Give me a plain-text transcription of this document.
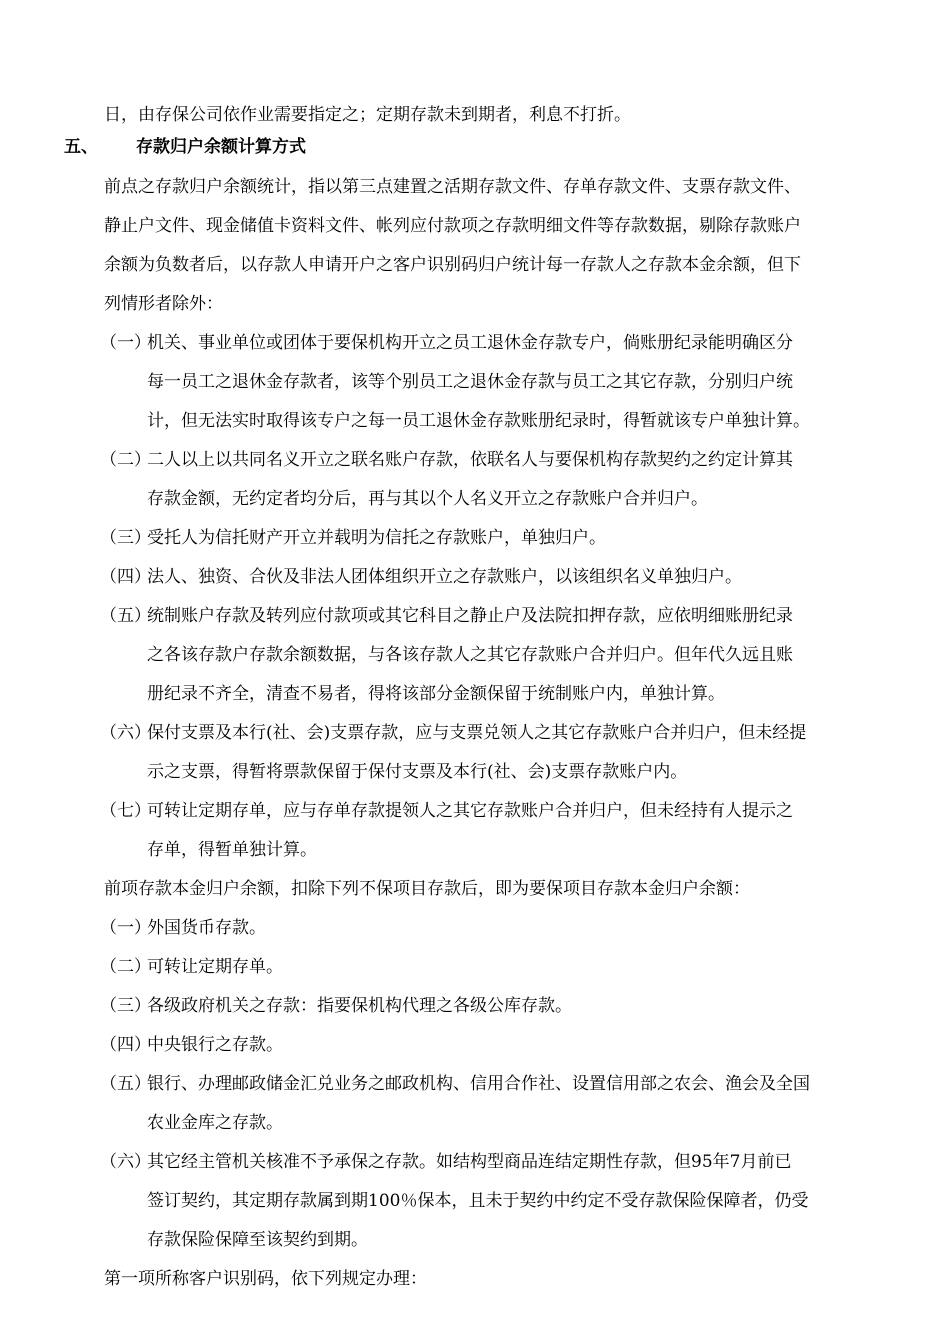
日，由存保公司依作业需要指定之；定期存款未到期者，利息不打折。
五、 存款归户余额计算方式
前点之存款归户余额统计，指以第三点建置之活期存款文件、存单存款文件、支票存款文件、
静止户文件、现金储值卡资料文件、帐列应付款项之存款明细文件等存款数据，剔除存款账户
余额为负数者后，以存款人申请开户之客户识别码归户统计每一存款人之存款本金余额，但下
列情形者除外：
（一）
机关、事业单位或团体于要保机构开立之员工退休金存款专户，倘账册纪录能明确区分
每一员工之退休金存款者，该等个别员工之退休金存款与员工之其它存款，分别归户统
计，但无法实时取得该专户之每一员工退休金存款账册纪录时，得暂就该专户单独计算。
（二）
二人以上以共同名义开立之联名账户存款，依联名人与要保机构存款契约之约定计算其
存款金额，无约定者均分后，再与其以个人名义开立之存款账户合并归户。
（三）
受托人为信托财产开立并载明为信托之存款账户，单独归户。
（四）
法人、独资、合伙及非法人团体组织开立之存款账户，以该组织名义单独归户。
（五）
统制账户存款及转列应付款项或其它科目之静止户及法院扣押存款，应依明细账册纪录
之各该存款户存款余额数据，与各该存款人之其它存款账户合并归户。但年代久远且账
册纪录不齐全，清查不易者，得将该部分金额保留于统制账户内，单独计算。
（六）
保付支票及本行(社、会)支票存款，应与支票兑领人之其它存款账户合并归户，但未经提
示之支票，得暂将票款保留于保付支票及本行(社、会)支票存款账户内。
（七）
可转让定期存单，应与存单存款提领人之其它存款账户合并归户，但未经持有人提示之
存单，得暂单独计算。
前项存款本金归户余额，扣除下列不保项目存款后，即为要保项目存款本金归户余额：
（一）
外国货币存款。
（二）
可转让定期存单。
（三）
各级政府机关之存款：指要保机构代理之各级公库存款。
（四）
中央银行之存款。
（五）
银行、办理邮政储金汇兑业务之邮政机构、信用合作社、设置信用部之农会、渔会及全国
农业金库之存款。
（六）
其它经主管机关核准不予承保之存款。如结构型商品连结定期性存款，但95年7月前已
签订契约，其定期存款属到期100％保本，且未于契约中约定不受存款保险保障者，仍受
存款保险保障至该契约到期。
第一项所称客户识别码，依下列规定办理：
